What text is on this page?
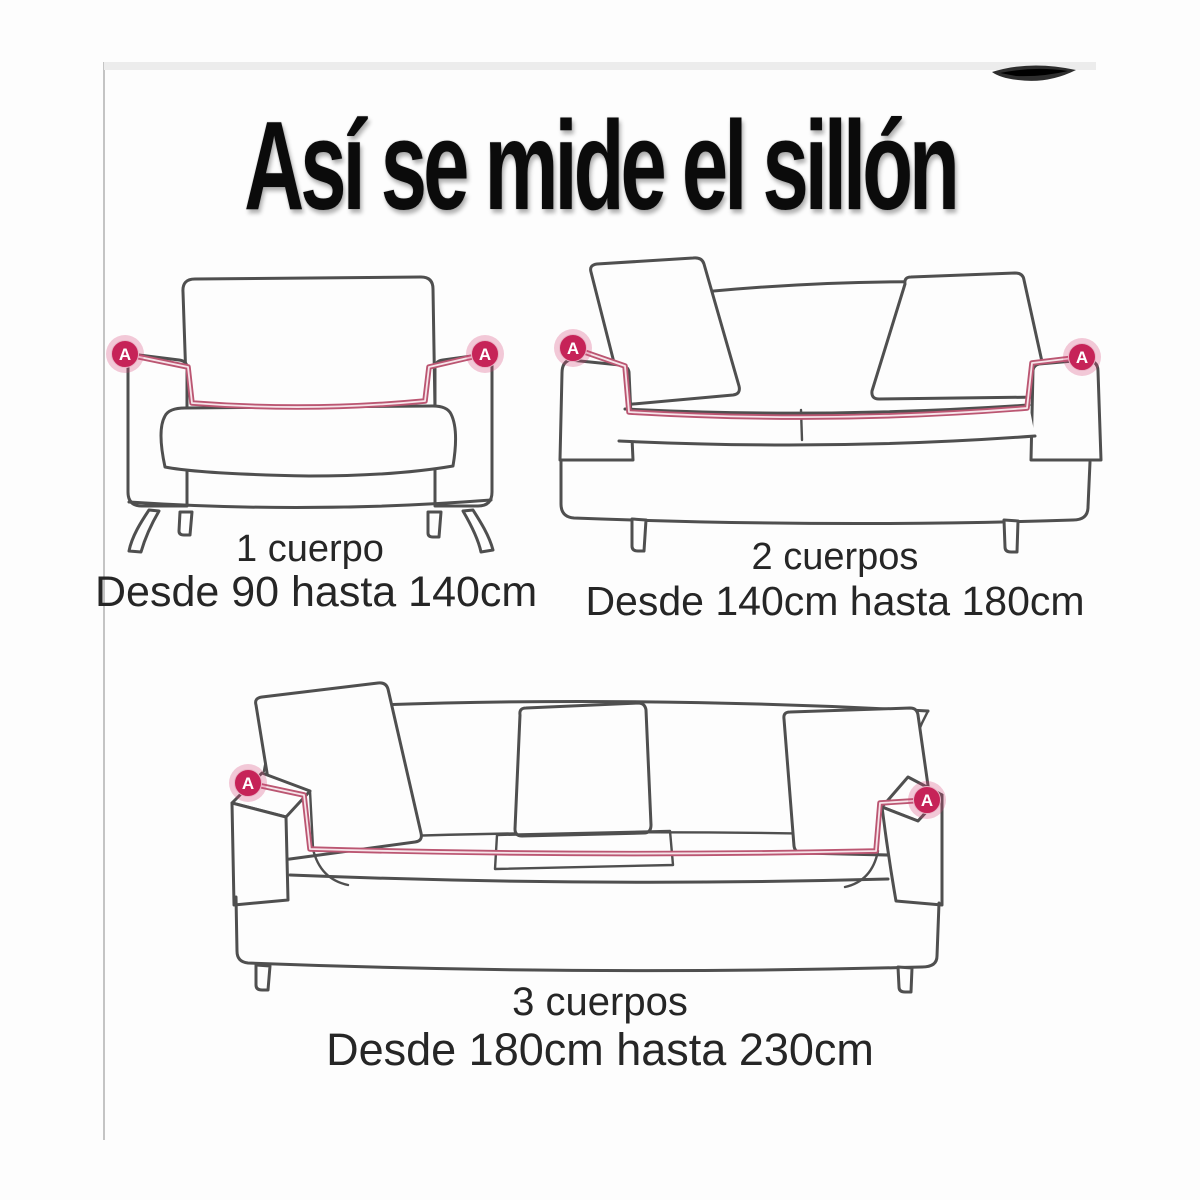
Así se mide el sillón
A	A
1 cuerpo
Desde 90 hasta 140cm
A	A
2 cuerpos
Desde 140cm hasta 180cm
A
A
3 cuerpos
Desde 180cm hasta 230cm
